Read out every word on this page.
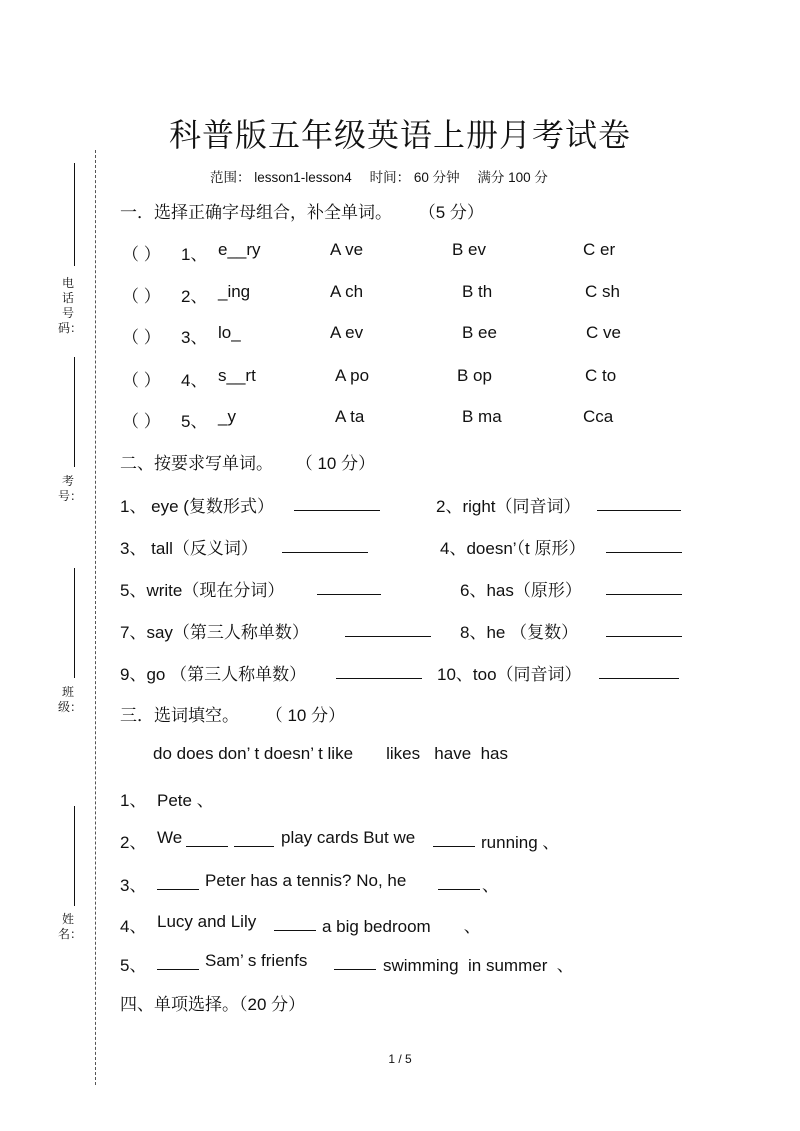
电话号码：
考号：
班级：
姓名：
科普版五年级英语上册月考试卷
范围： lesson1-lesson4 时间： 60 分钟 满分 100 分
一．选择正确字母组合，补全单词。 （5 分）
（ ） 1、 e__ry	A ve	B ev	C er
（ ） 2、 _ing	A ch	B th	C sh
（ ） 3、 lo_	A ev	B ee	C ve
（ ） 4、 s__rt	A po	B op	C to
（ ） 5、 _y	A ta	B ma	Cca
二、按要求写单词。 （ 10 分）
1、 eye (复数形式）	2、right（同音词）
3、 tall（反义词）	4、doesn’（t 原形）
5、write（现在分词）	6、has（原形）
7、say（第三人称单数）	8、he （复数）
9、go （第三人称单数）	10、too（同音词）
三．选词填空。 （ 10 分）
do does don’ t doesn’ t like       likes   have  has
1、 Pete 、
2、 We	play cards But we	running 、
3、	Peter has a tennis? No, he	、
4、 Lucy and Lily	a big bedroom       、
5、	Sam’ s frienfs	swimming  in summer  、
四、单项选择。（20 分）
1 / 5
